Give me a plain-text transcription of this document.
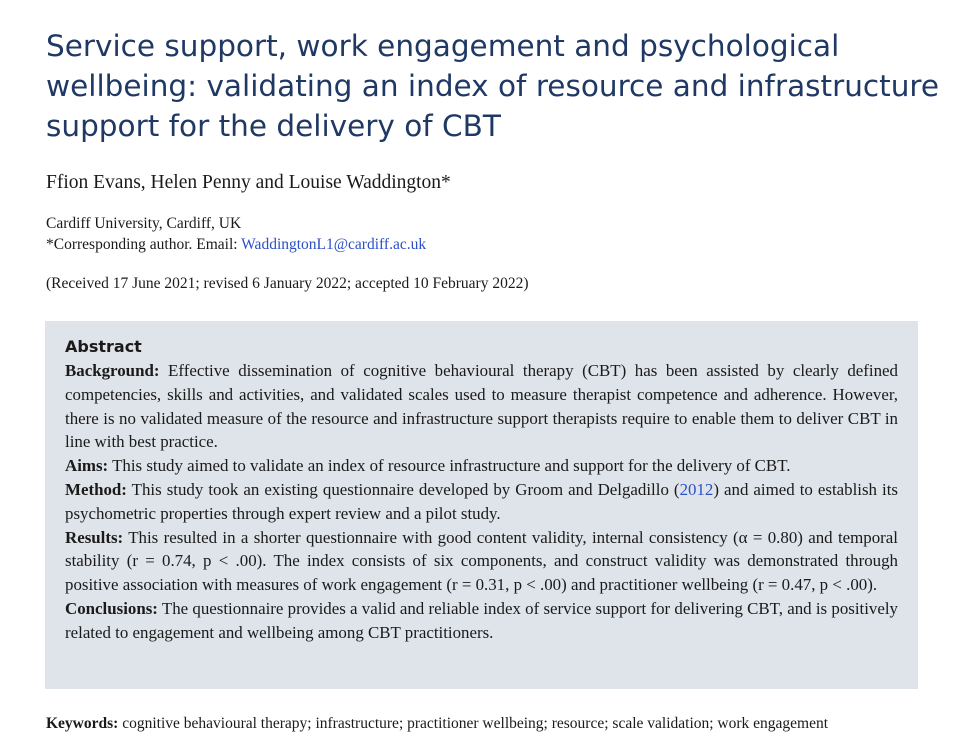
Service support, work engagement and psychological wellbeing: validating an index of resource and infrastructure support for the delivery of CBT

Ffion Evans, Helen Penny and Louise Waddington*

Cardiff University, Cardiff, UK

*Corresponding author. Email: WaddingtonL1@cardiff.ac.uk

(Received 17 June 2021; revised 6 January 2022; accepted 10 February 2022)

Abstract

Background: Effective dissemination of cognitive behavioural therapy (CBT) has been assisted by clearly defined competencies, skills and activities, and validated scales used to measure therapist competence and adherence. However, there is no validated measure of the resource and infrastructure support therapists require to enable them to deliver CBT in line with best practice.

Aims: This study aimed to validate an index of resource infrastructure and support for the delivery of CBT.

Method: This study took an existing questionnaire developed by Groom and Delgadillo (2012) and aimed to establish its psychometric properties through expert review and a pilot study.

Results: This resulted in a shorter questionnaire with good content validity, internal consistency (α = 0.80) and temporal stability (r = 0.74, p < .00). The index consists of six components, and construct validity was demonstrated through positive association with measures of work engagement (r = 0.31, p < .00) and practitioner wellbeing (r = 0.47, p < .00).

Conclusions: The questionnaire provides a valid and reliable index of service support for delivering CBT, and is positively related to engagement and wellbeing among CBT practitioners.

Keywords: cognitive behavioural therapy; infrastructure; practitioner wellbeing; resource; scale validation; work engagement
